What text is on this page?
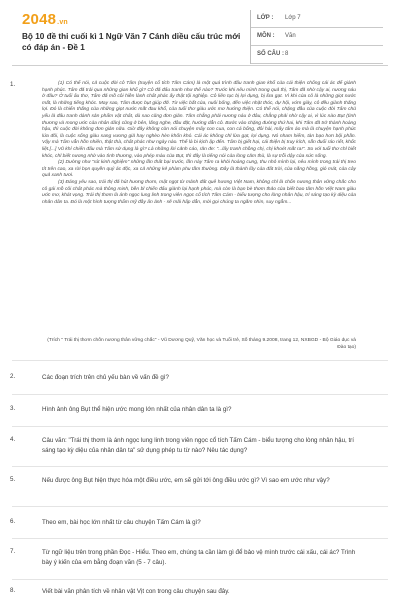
2048.vn
Bộ 10 đề thi cuối kì 1 Ngữ Văn 7 Cánh diều cấu trúc mới có đáp án - Đề 1
LỚP : Lớp 7
MÔN : Văn
SỐ CÂU : 8
1.	(1) Có thể nói, cả cuộc đời cô Tấm (truyện cổ tích Tấm Cám) là một quá trình đấu tranh gian khổ của cái thiện chống cái ác để giành hạnh phúc. Tấm đã trải qua những gian khổ gì? Cô đã đấu tranh như thế nào? Trước khi nêu mình trong quả thị, Tấm đã nhờ cậy ai, nương náu ở đâu? Ở tuổi ấu thơ, Tấm đã mồ côi hiền lành chất phác ấy thật tội nghiệp. Cô liên tục bị lợi dụng, bị lừa gạt. Vì khi của cô là những giọt nước mắt, là những tiếng khóc. May sao, Tấm được bụt giúp đỡ. Từ việc bắt của, nuôi bống, đến việc nhặt thóc, dự hội, vớm giày, cô đều giành thắng lợi. Đó là chiến thắng của những giọt nước mắt đau khổ, của tuổi thơ giàu ước mơ hướng thiện. Có thể nói, chặng đầu của cuộc đời Tấm chủ yếu là đấu tranh dành sản phẩm vật chất, dù sao cũng đơn giản. Tấm chẳng phải nương náu ở đâu, chẳng phải nhờ cậy ai, vì lúc nào Bụt (tình thương và mong ước của nhân dân) cũng ở bên, lắng nghe, đầu đặt, hướng dẫn cô. Bước vào chặng đường thứ hai, khi Tấm đã trở thành hoàng hậu, thì cuộc đời không đơn giản nữa. Giờ đây không còn nói chuyện mấy con cua, con cá bống, đôi hài, mấy tấm áo mà là chuyện hạnh phúc lứa đôi, là cuộc sống giàu sang vương giả hay nghèo hèn khốn khó. Cái ác không chỉ lừa gạt, lợi dụng. Nó nham hiểm, tàn bạo hơn bội phần. Vậy mà Tấm vẫn hồn nhiên, thật thà, chất phác như ngày nào. Thế là bi kịch ập đến. Tấm bị giết hại, cái thiện bị truy kích, sẵn đuổi ráo riết, khốc liệt.[...] Vũ khí chiến đấu mà Tấm sử dụng là gì? Là những lời cảnh cáo, răn đe: "...lấy tranh chồng chị, chị khoét mắt ra!". So với tuổi thơ chỉ biết khóc, chỉ biết nương nhờ vào tình thương, vào phép màu của Bụt, thì đây là tiếng nói của lòng căm thù, là sự trỗi dậy của sức sống.

(2) Dường như "rút kinh nghiệm" những lần thất bại trước, lần này Tấm ra khỏi hoàng cung, thu nhỏ mình lại, nêu mình trong trái thị treo tít trên cao, xa rời bọn quyền quý ác độc, xa cả những kẻ phàm phu tầm thường. Đây là thành lũy của đất trời, của nắng hồng, gió mát, của cây quả xanh tươi.

(3) Đáng yêu sao, trái thị đã hút hương thơm, mật ngọt từ mảnh đất quê hương Việt Nam, không chỉ là chốn nương thân vững chắc cho cô gái mồ côi chất phác mà thông minh, bền bỉ chiến đấu giành lại hạnh phúc, mà còn là bạn bè thơm thảo của biết bao tâm hồn Việt Nam giàu ước mơ, khát vọng. Trái thị thơm là ánh ngọc lung linh trong viên ngọc cổ tích Tấm Cám - biểu tượng cho lòng nhân hậu, trí sáng tạo kỳ diệu của nhân dân ta. Đó là một hình tượng thẩm mỹ đầy ấn ảnh - sẽ mãi hấp dẫn, mời gọi chúng ta ngắm nhìn, suy ngẫm...

(Trích " Trái thị thơm chốn nương thân vững chắc" - Vũ Dương Quỹ, Văn học và Tuổi trẻ, Số tháng 9.2008, trang 12, NXBGD - Bộ Giáo dục và Đào tạo)
2.	Các đoạn trích trên chủ yếu bàn về vấn đề gì?
3.	Hình ảnh ông Bụt thể hiện ước mong lớn nhất của nhân dân ta là gì?
4.	Câu văn: "Trái thị thơm là ánh ngọc lung linh trong viên ngọc cổ tích Tấm Cám - biểu tượng cho lòng nhân hậu, trí sáng tạo kỳ diệu của nhân dân ta" sử dụng phép tu từ nào? Nêu tác dụng?
5.	Nếu được ông Bụt hiện thực hóa một điều ước, em sẽ gửi tới ông điều ước gì? Vì sao em ước như vậy?
6.	Theo em, bài học lớn nhất từ câu chuyện Tấm Cám là gì?
7.	Từ ngữ liệu trên trong phần Đọc - Hiểu. Theo em, chúng ta cần làm gì để bảo vệ mình trước cái xấu, cái ác? Trình bày ý kiến của em bằng đoạn văn (5 - 7 câu).
8.	Viết bài văn phân tích về nhân vật Vịt con trong câu chuyện sau đây.
